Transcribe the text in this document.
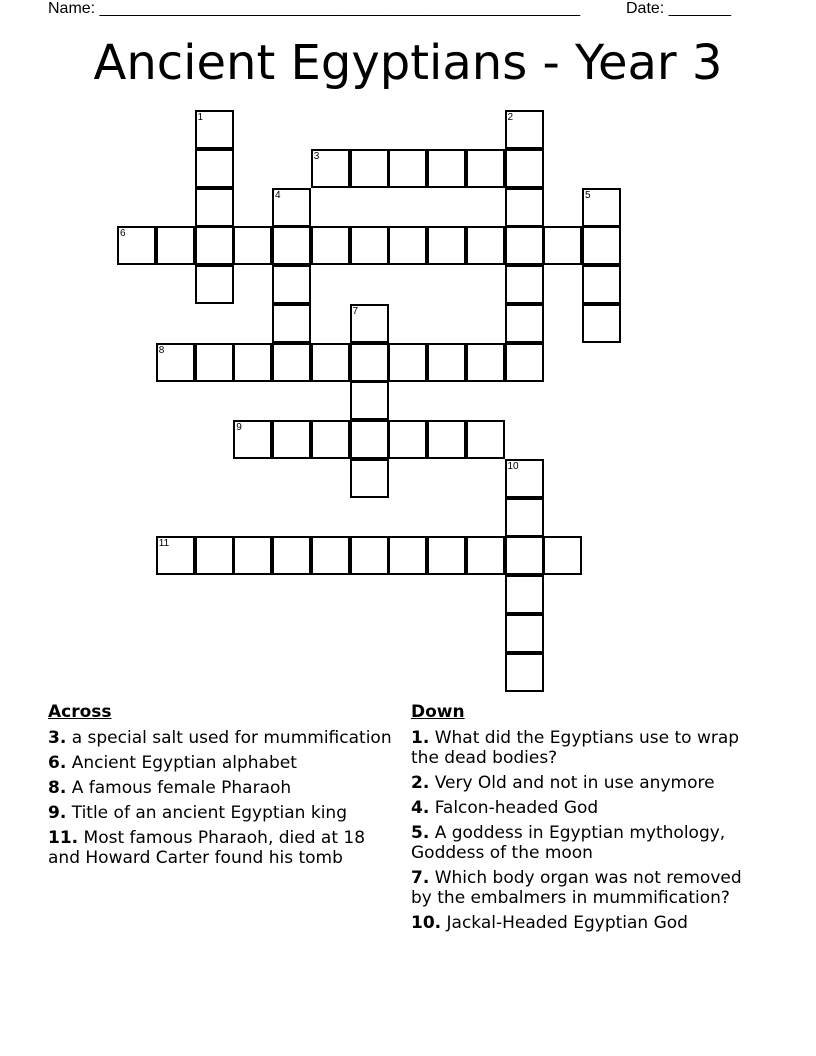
Name: ______________________________________________________	Date: _______
Ancient Egyptians - Year 3
1	2
3
4	5
6
7
8
9
10
11
Across
3. a special salt used for mummification
6. Ancient Egyptian alphabet
8. A famous female Pharaoh
9. Title of an ancient Egyptian king
11. Most famous Pharaoh, died at 18 and Howard Carter found his tomb
Down
1. What did the Egyptians use to wrap the dead bodies?
2. Very Old and not in use anymore
4. Falcon-headed God
5. A goddess in Egyptian mythology, Goddess of the moon
7. Which body organ was not removed by the embalmers in mummification?
10. Jackal-Headed Egyptian God
